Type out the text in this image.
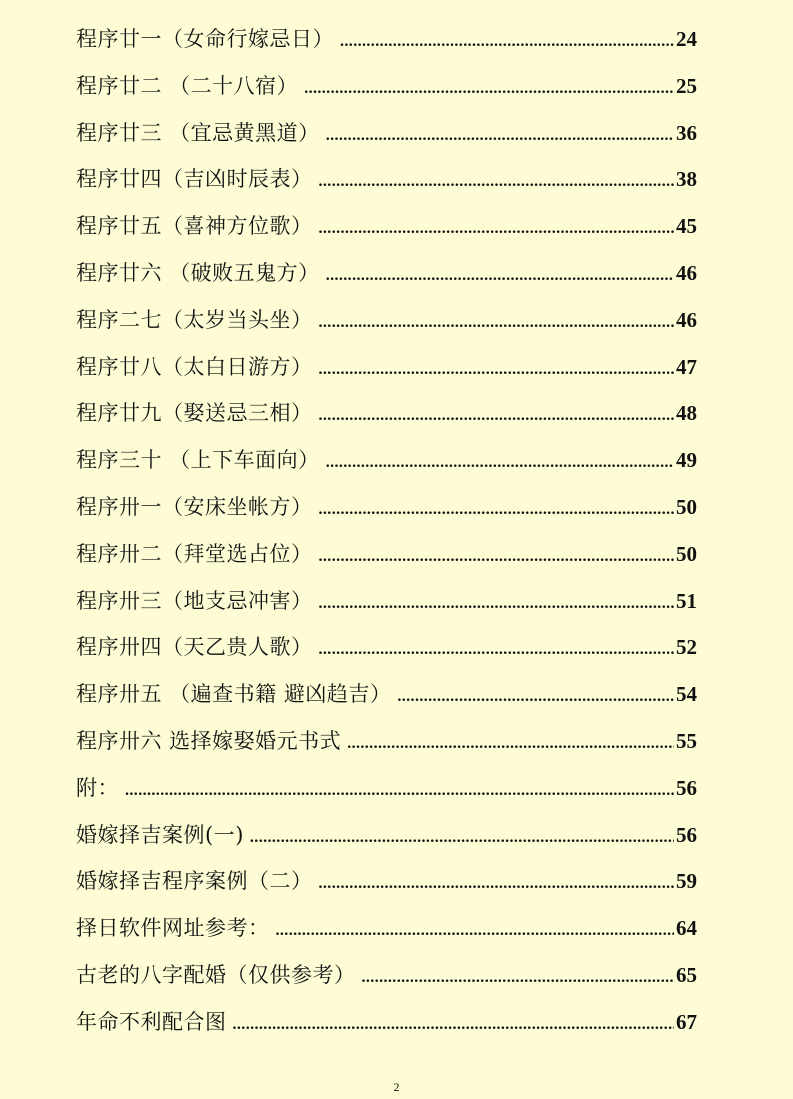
程序廿一（女命行嫁忌日） .....	24
程序廿二 （二十八宿） .....	25
程序廿三 （宜忌黄黑道） .....	36
程序廿四（吉凶时辰表） .....	38
程序廿五（喜神方位歌） .....	45
程序廿六 （破败五鬼方） .....	46
程序二七（太岁当头坐） .....	46
程序廿八（太白日游方） .....	47
程序廿九（娶送忌三相） .....	48
程序三十 （上下车面向） .....	49
程序卅一（安床坐帐方） .....	50
程序卅二（拜堂选占位） .....	50
程序卅三（地支忌冲害） .....	51
程序卅四（天乙贵人歌） .....	52
程序卅五 （遍查书籍 避凶趋吉） .....	54
程序卅六 选择嫁娶婚元书式 .....	55
附： .....	56
婚嫁择吉案例(一) .....	56
婚嫁择吉程序案例（二） .....	59
择日软件网址参考： .....	64
古老的八字配婚（仅供参考） .....	65
年命不利配合图 .....	67
2
